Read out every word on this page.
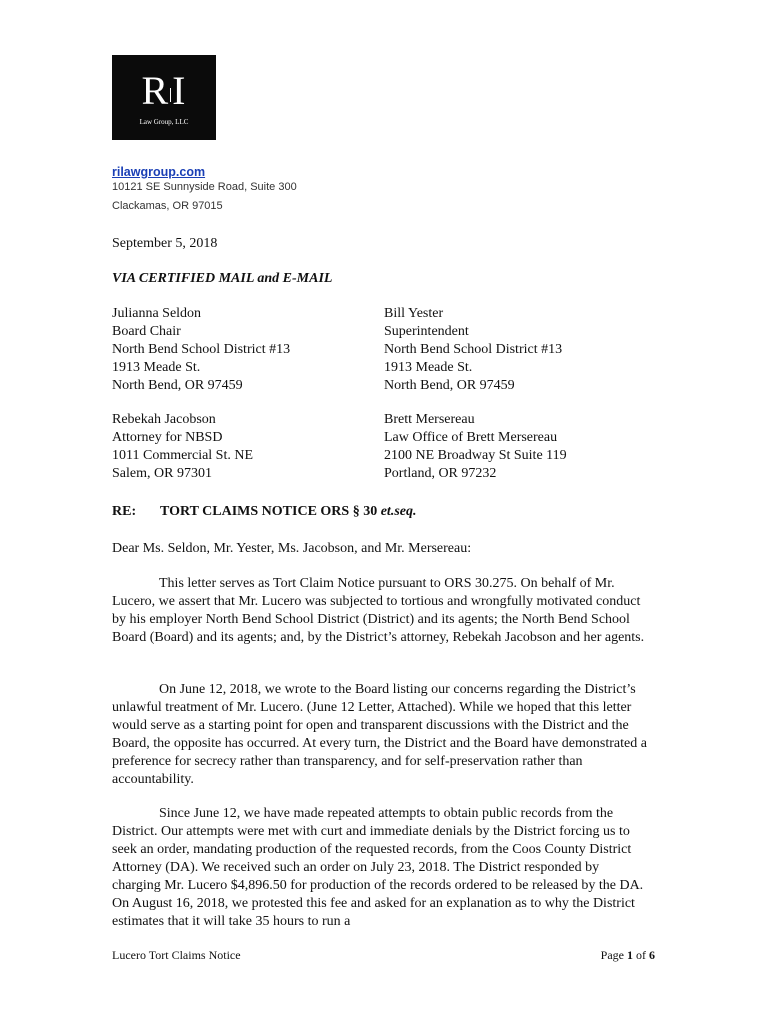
RI
Law Group, LLC
rilawgroup.com
10121 SE Sunnyside Road, Suite 300
Clackamas, OR 97015
September 5, 2018
VIA CERTIFIED MAIL and E-MAIL

Julianna Seldon

Board Chair

North Bend School District #13

1913 Meade St.

North Bend, OR 97459

Bill Yester

Superintendent

North Bend School District #13

1913 Meade St.

North Bend, OR 97459

Rebekah Jacobson

Attorney for NBSD

1011 Commercial St. NE

Salem, OR 97301

Brett Mersereau

Law Office of Brett Mersereau

2100 NE Broadway St Suite 119

Portland, OR 97232

RE: TORT CLAIMS NOTICE ORS § 30 et.seq.
Dear Ms. Seldon, Mr. Yester, Ms. Jacobson, and Mr. Mersereau:
This letter serves as Tort Claim Notice pursuant to ORS 30.275. On behalf of Mr. Lucero, we assert that Mr. Lucero was subjected to tortious and wrongfully motivated conduct by his employer North Bend School District (District) and its agents; the North Bend School Board (Board) and its agents; and, by the District’s attorney, Rebekah Jacobson and her agents.
On June 12, 2018, we wrote to the Board listing our concerns regarding the District’s unlawful treatment of Mr. Lucero. (June 12 Letter, Attached). While we hoped that this letter would serve as a starting point for open and transparent discussions with the District and the Board, the opposite has occurred. At every turn, the District and the Board have demonstrated a preference for secrecy rather than transparency, and for self-preservation rather than accountability.
Since June 12, we have made repeated attempts to obtain public records from the District. Our attempts were met with curt and immediate denials by the District forcing us to seek an order, mandating production of the requested records, from the Coos County District Attorney (DA). We received such an order on July 23, 2018. The District responded by charging Mr. Lucero $4,896.50 for production of the records ordered to be released by the DA. On August 16, 2018, we protested this fee and asked for an explanation as to why the District estimates that it will take 35 hours to run a
Lucero Tort Claims Notice	Page 1 of 6
